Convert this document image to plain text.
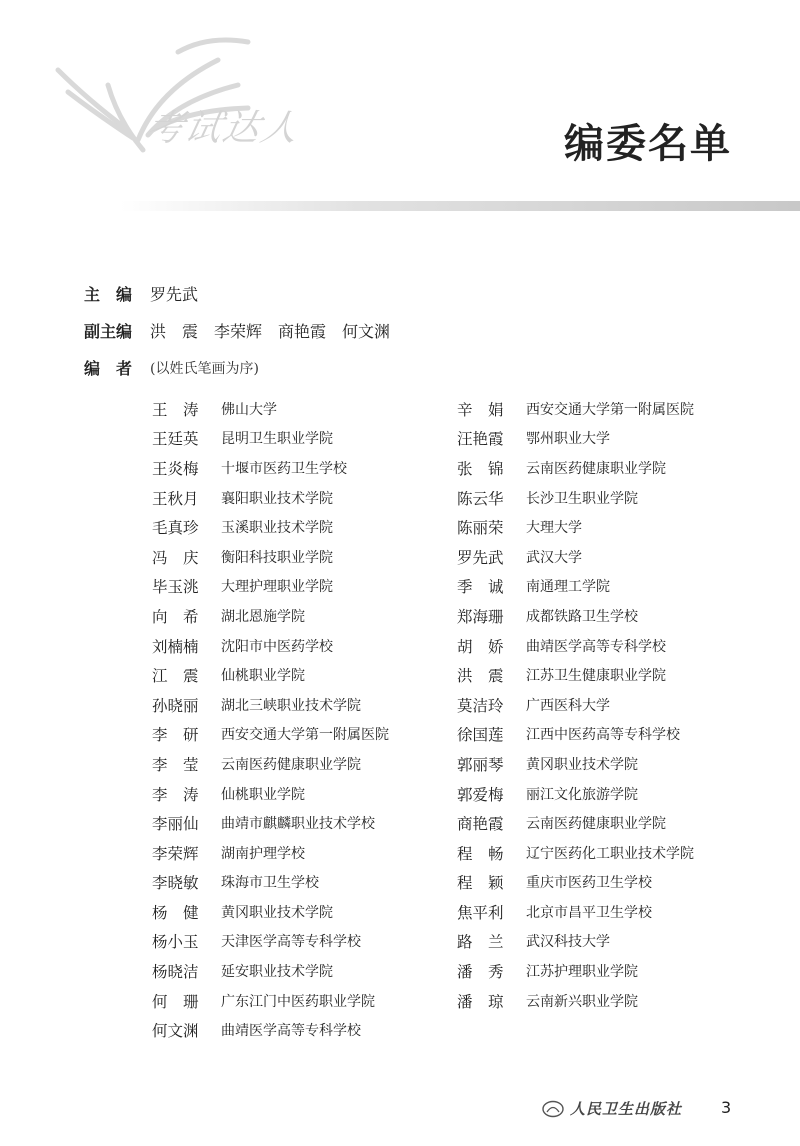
考试达人	编委名单
主　编	罗先武
副主编	洪　震 李荣辉 商艳霞 何文渊
编　者	(以姓氏笔画为序)
王　涛	佛山大学
王廷英	昆明卫生职业学院
王炎梅	十堰市医药卫生学校
王秋月	襄阳职业技术学院
毛真珍	玉溪职业技术学院
冯　庆	衡阳科技职业学院
毕玉洮	大理护理职业学院
向　希	湖北恩施学院
刘楠楠	沈阳市中医药学校
江　震	仙桃职业学院
孙晓丽	湖北三峡职业技术学院
李　研	西安交通大学第一附属医院
李　莹	云南医药健康职业学院
李　涛	仙桃职业学院
李丽仙	曲靖市麒麟职业技术学校
李荣辉	湖南护理学校
李晓敏	珠海市卫生学校
杨　健	黄冈职业技术学院
杨小玉	天津医学高等专科学校
杨晓洁	延安职业技术学院
何　珊	广东江门中医药职业学院
何文渊	曲靖医学高等专科学校
辛　娟	西安交通大学第一附属医院
汪艳霞	鄂州职业大学
张　锦	云南医药健康职业学院
陈云华	长沙卫生职业学院
陈丽荣	大理大学
罗先武	武汉大学
季　诚	南通理工学院
郑海珊	成都铁路卫生学校
胡　娇	曲靖医学高等专科学校
洪　震	江苏卫生健康职业学院
莫洁玲	广西医科大学
徐国莲	江西中医药高等专科学校
郭丽琴	黄冈职业技术学院
郭爱梅	丽江文化旅游学院
商艳霞	云南医药健康职业学院
程　畅	辽宁医药化工职业技术学院
程　颖	重庆市医药卫生学校
焦平利	北京市昌平卫生学校
路　兰	武汉科技大学
潘　秀	江苏护理职业学院
潘　琼	云南新兴职业学院
人民卫生出版社 3
